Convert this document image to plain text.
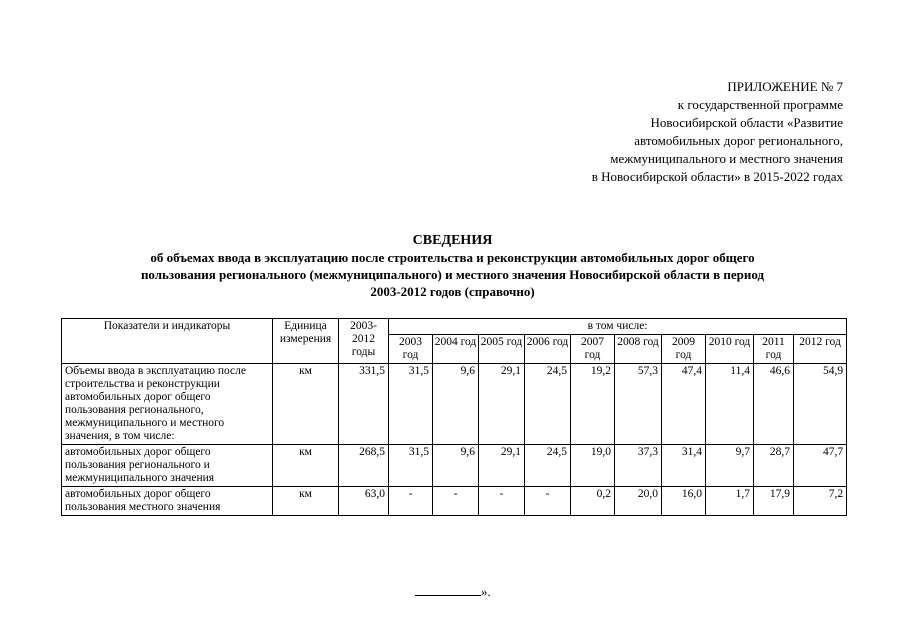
ПРИЛОЖЕНИЕ № 7
к государственной программе
Новосибирской области «Развитие
автомобильных дорог регионального,
межмуниципального и местного значения
в Новосибирской области» в 2015-2022 годах
СВЕДЕНИЯ
об объемах ввода в эксплуатацию после строительства и реконструкции автомобильных дорог общего
пользования регионального (межмуниципального) и местного значения Новосибирской области в период
2003-2012 годов (справочно)
Показатели и индикаторы	Единица измерения	2003-2012 годы	в том числе:									
			2003 год	2004 год	2005 год	2006 год	2007 год	2008 год	2009 год	2010 год	2011 год	2012 год
Объемы ввода в эксплуатацию после строительства и реконструкции автомобильных дорог общего пользования регионального, межмуниципального и местного значения, в том числе:	км	331,5	31,5	9,6	29,1	24,5	19,2	57,3	47,4	11,4	46,6	54,9
автомобильных дорог общего пользования регионального и межмуниципального значения	км	268,5	31,5	9,6	29,1	24,5	19,0	37,3	31,4	9,7	28,7	47,7
автомобильных дорог общего пользования местного значения	км	63,0	-	-	-	-	0,2	20,0	16,0	1,7	17,9	7,2
».
